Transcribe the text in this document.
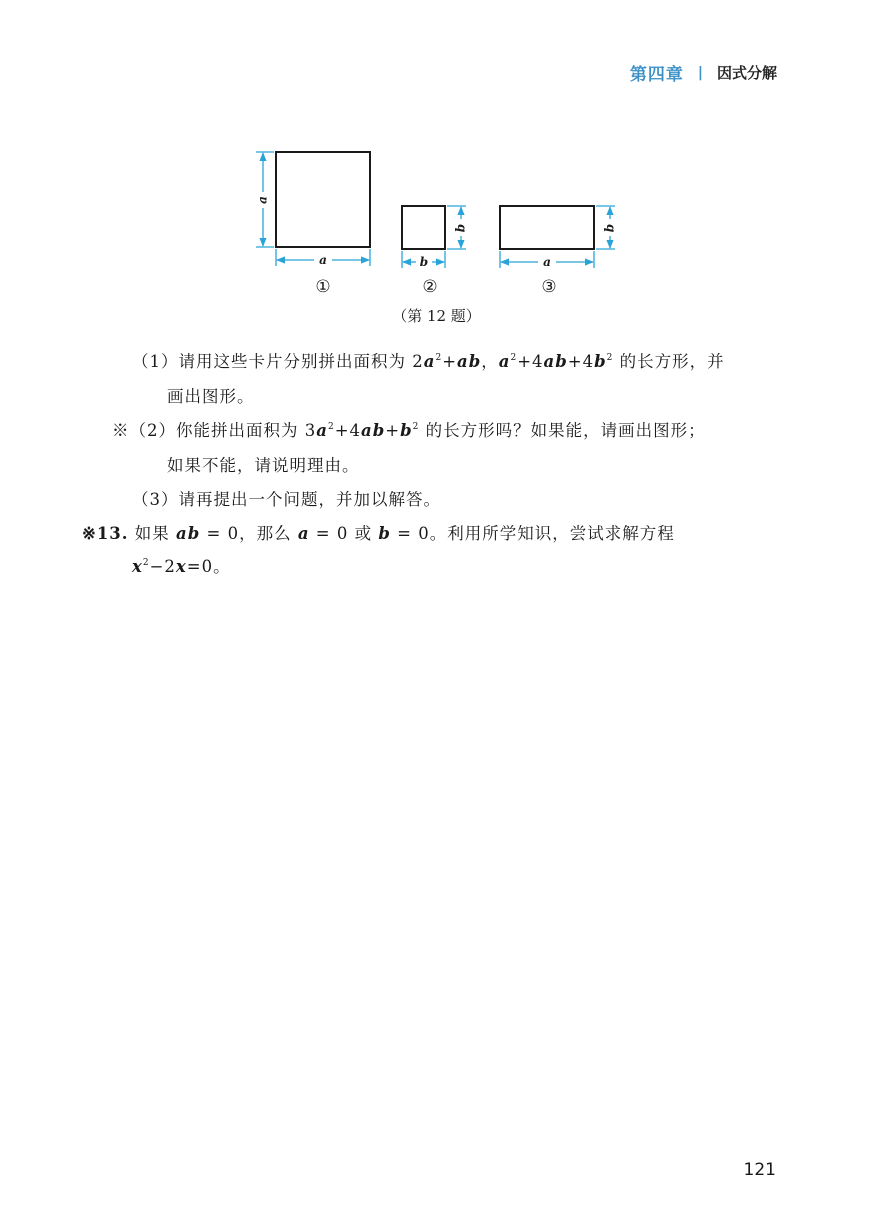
第四章 | 因式分解
a
a
①
b
b
②
b
a
③
（第 12 题）
（1）请用这些卡片分别拼出面积为 $2a^2+ab$，$a^2+4ab+4b^2$ 的长方形，并
画出图形。
※（2）你能拼出面积为 $3a^2+4ab+b^2$ 的长方形吗？如果能，请画出图形；
如果不能，请说明理由。
（3）请再提出一个问题，并加以解答。
※13. 如果 ab = 0，那么 a = 0 或 b = 0。利用所学知识，尝试求解方程
$x^2-2x=0$。
121
